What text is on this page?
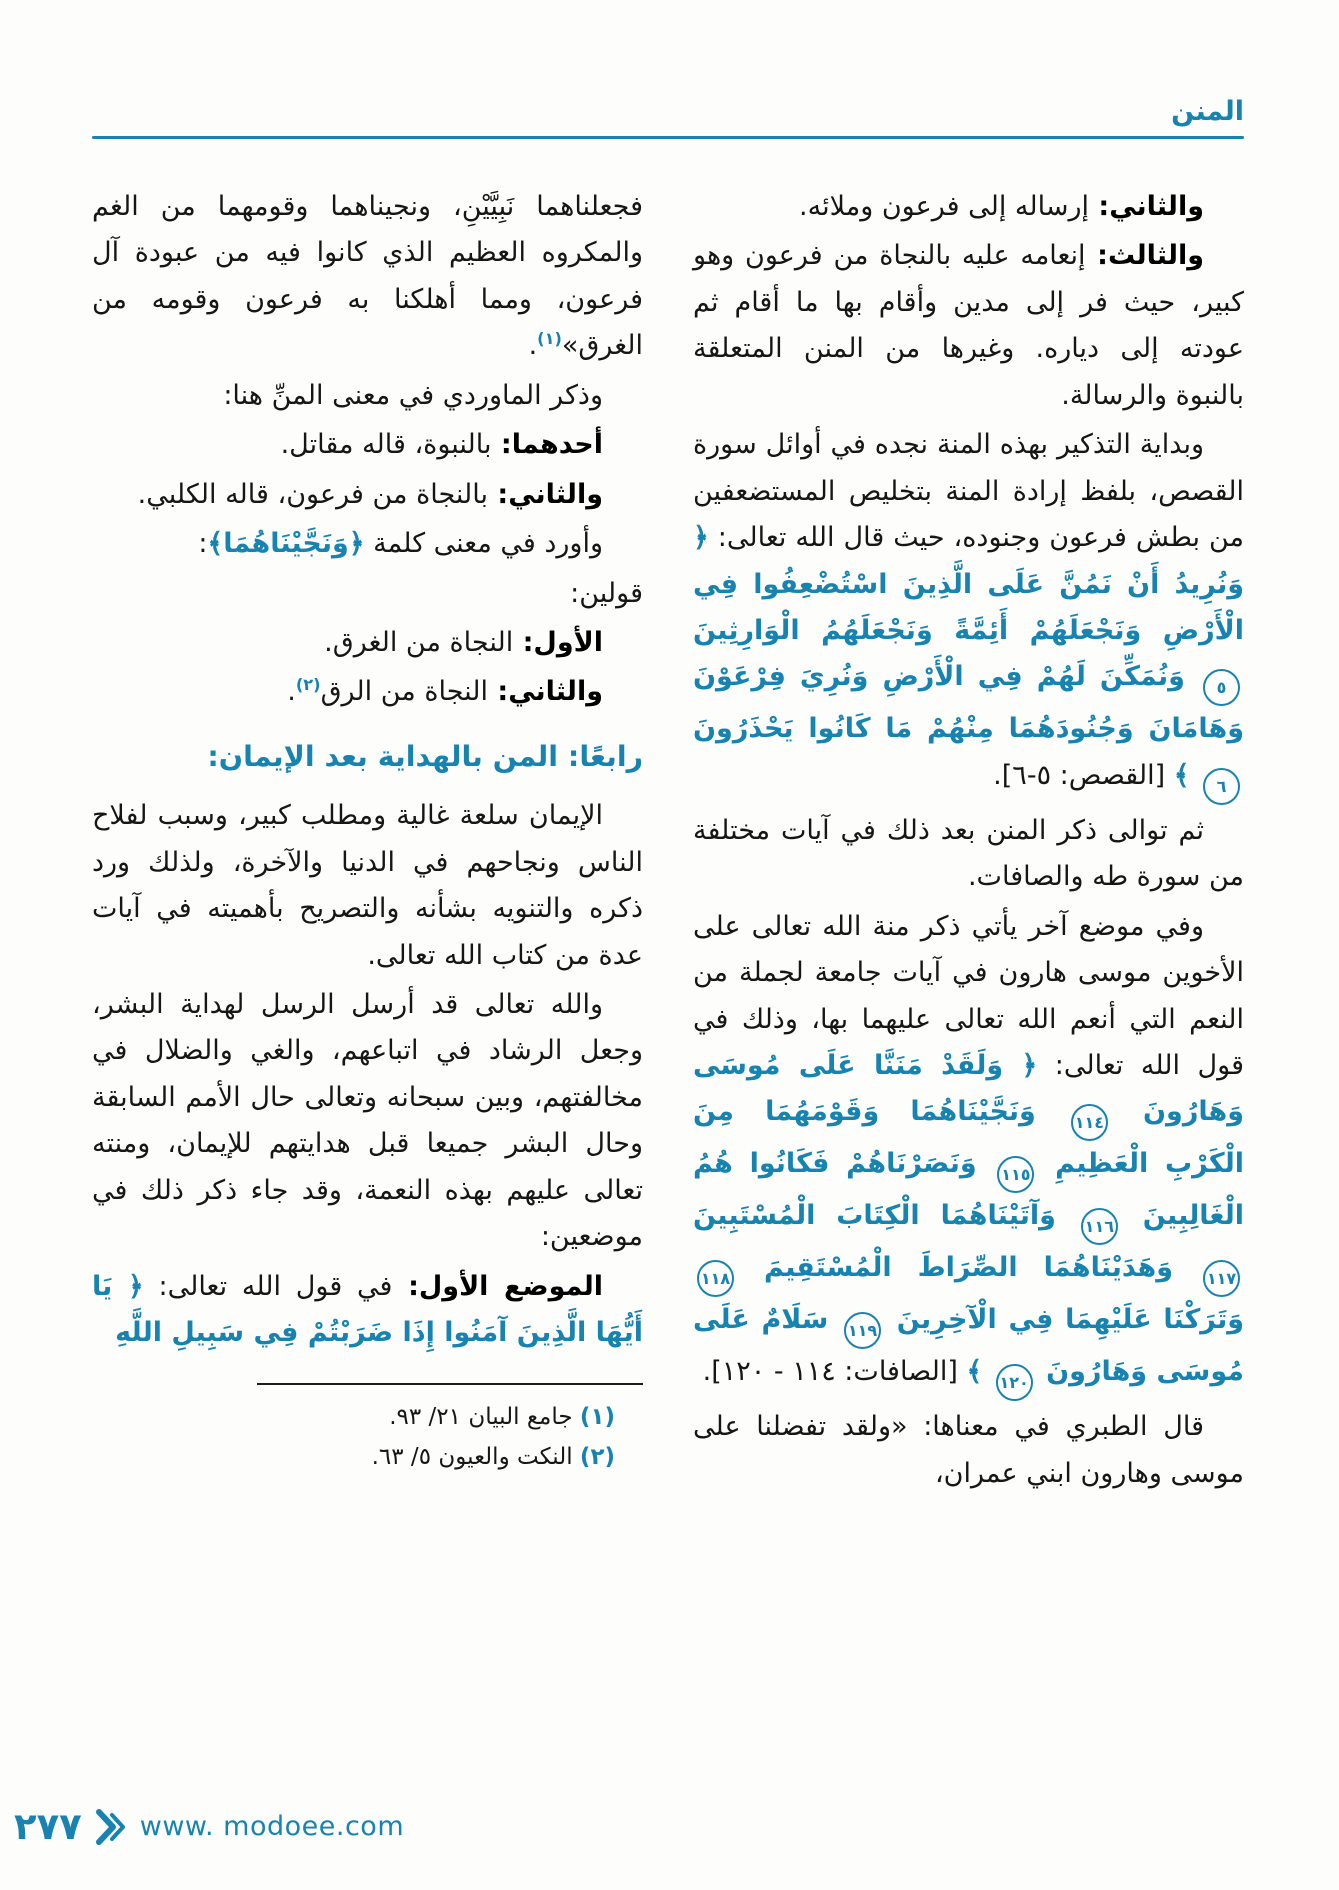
المنن

والثاني: إرساله إلى فرعون وملائه.

والثالث: إنعامه عليه بالنجاة من فرعون وهو كبير، حيث فر إلى مدين وأقام بها ما أقام ثم عودته إلى دياره. وغيرها من المنن المتعلقة بالنبوة والرسالة.

وبداية التذكير بهذه المنة نجده في أوائل سورة القصص، بلفظ إرادة المنة بتخليص المستضعفين من بطش فرعون وجنوده، حيث قال الله تعالى: ﴿ وَنُرِيدُ أَنْ نَمُنَّ عَلَى الَّذِينَ اسْتُضْعِفُوا فِي الْأَرْضِ وَنَجْعَلَهُمْ أَئِمَّةً وَنَجْعَلَهُمُ الْوَارِثِينَ ٥ وَنُمَكِّنَ لَهُمْ فِي الْأَرْضِ وَنُرِيَ فِرْعَوْنَ وَهَامَانَ وَجُنُودَهُمَا مِنْهُمْ مَا كَانُوا يَحْذَرُونَ ٦ ﴾ [القصص: ٥-٦].

ثم توالى ذكر المنن بعد ذلك في آيات مختلفة من سورة طه والصافات.

وفي موضع آخر يأتي ذكر منة الله تعالى على الأخوين موسى هارون في آيات جامعة لجملة من النعم التي أنعم الله تعالى عليهما بها، وذلك في قول الله تعالى: ﴿ وَلَقَدْ مَنَنَّا عَلَى مُوسَى وَهَارُونَ ١١٤ وَنَجَّيْنَاهُمَا وَقَوْمَهُمَا مِنَ الْكَرْبِ الْعَظِيمِ ١١٥ وَنَصَرْنَاهُمْ فَكَانُوا هُمُ الْغَالِبِينَ ١١٦ وَآتَيْنَاهُمَا الْكِتَابَ الْمُسْتَبِينَ ١١٧ وَهَدَيْنَاهُمَا الصِّرَاطَ الْمُسْتَقِيمَ ١١٨ وَتَرَكْنَا عَلَيْهِمَا فِي الْآخِرِينَ ١١٩ سَلَامٌ عَلَى مُوسَى وَهَارُونَ ١٢٠ ﴾ [الصافات: ١١٤ - ١٢٠].

قال الطبري في معناها: «ولقد تفضلنا على موسى وهارون ابني عمران،

فجعلناهما نَبِيَّيْنِ، ونجيناهما وقومهما من الغم والمكروه العظيم الذي كانوا فيه من عبودة آل فرعون، ومما أهلكنا به فرعون وقومه من الغرق»$^{(١)}$.

وذكر الماوردي في معنى المنِّ هنا:

أحدهما: بالنبوة، قاله مقاتل.

والثاني: بالنجاة من فرعون، قاله الكلبي.

وأورد في معنى كلمة ﴿وَنَجَّيْنَاهُمَا﴾:

قولين:

الأول: النجاة من الغرق.

والثاني: النجاة من الرق$^{(٢)}$.

رابعًا: المن بالهداية بعد الإيمان:

الإيمان سلعة غالية ومطلب كبير، وسبب لفلاح الناس ونجاحهم في الدنيا والآخرة، ولذلك ورد ذكره والتنويه بشأنه والتصريح بأهميته في آيات عدة من كتاب الله تعالى.

والله تعالى قد أرسل الرسل لهداية البشر، وجعل الرشاد في اتباعهم، والغي والضلال في مخالفتهم، وبين سبحانه وتعالى حال الأمم السابقة وحال البشر جميعا قبل هدايتهم للإيمان، ومنته تعالى عليهم بهذه النعمة، وقد جاء ذكر ذلك في موضعين:

الموضع الأول: في قول الله تعالى: ﴿ يَا أَيُّهَا الَّذِينَ آمَنُوا إِذَا ضَرَبْتُمْ فِي سَبِيلِ اللَّهِ

(١) جامع البيان ٢١/ ٩٣.
(٢) النكت والعيون ٥/ ٦٣.
٢٧٧ www. modoee.com
